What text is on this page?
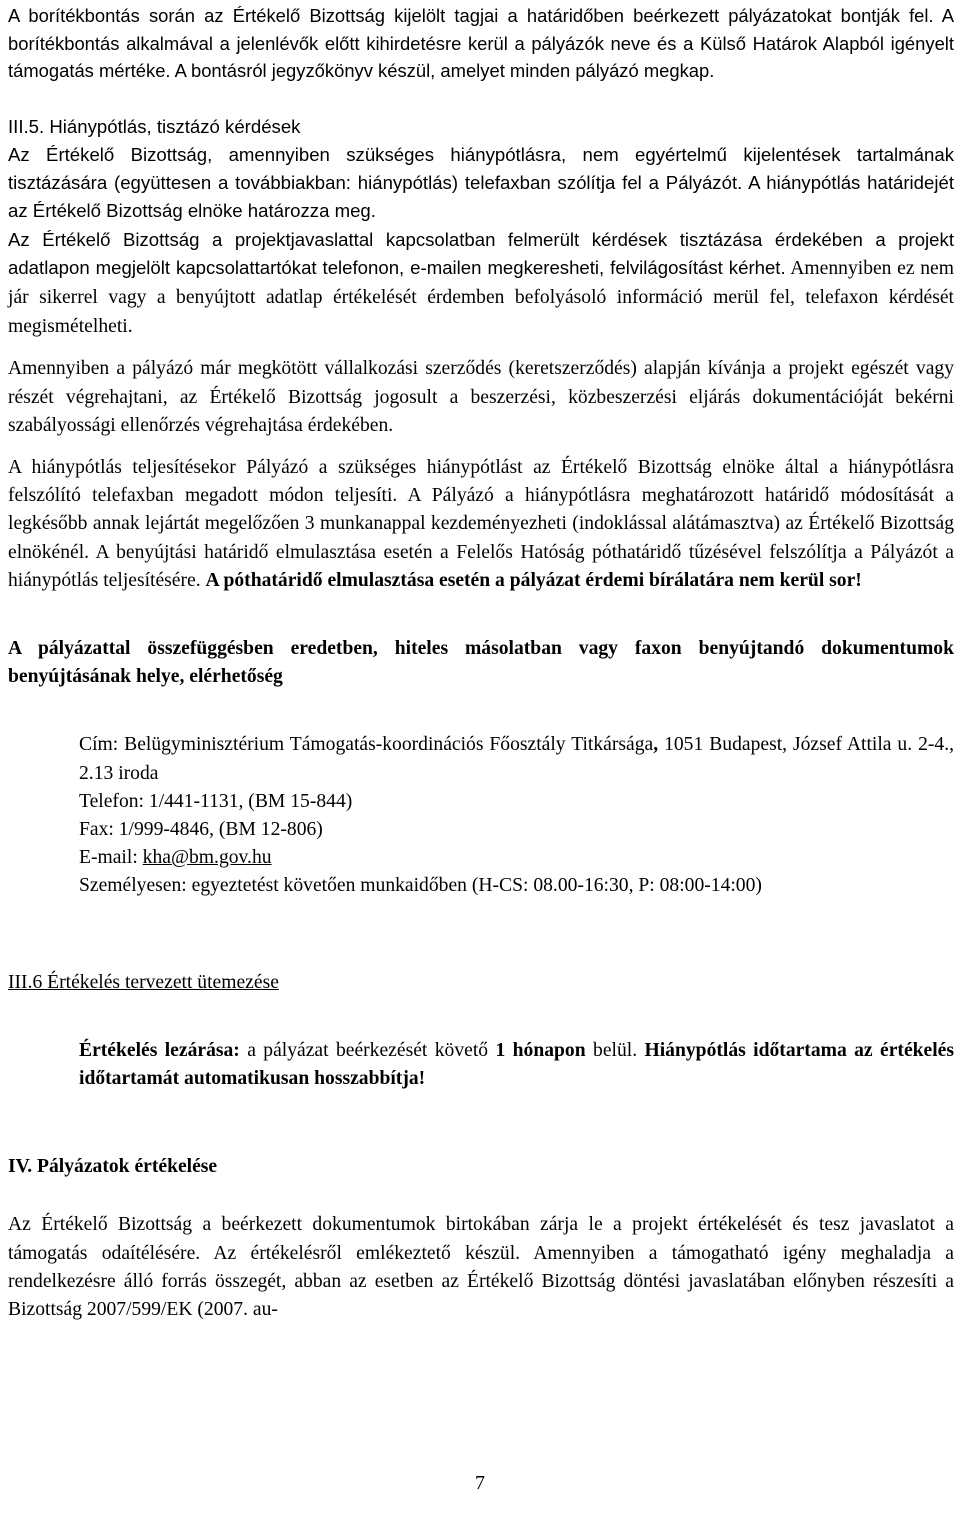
A borítékbontás során az Értékelő Bizottság kijelölt tagjai a határidőben beérkezett pályázatokat bontják fel. A borítékbontás alkalmával a jelenlévők előtt kihirdetésre kerül a pályázók neve és a Külső Határok Alapból igényelt támogatás mértéke. A bontásról jegyzőkönyv készül, amelyet minden pályázó megkap.

III.5. Hiánypótlás, tisztázó kérdések

Az Értékelő Bizottság, amennyiben szükséges hiánypótlásra, nem egyértelmű kijelentések tartalmának tisztázására (együttesen a továbbiakban: hiánypótlás) telefaxban szólítja fel a Pályázót. A hiánypótlás határidejét az Értékelő Bizottság elnöke határozza meg.

Az Értékelő Bizottság a projektjavaslattal kapcsolatban felmerült kérdések tisztázása érdekében a projekt adatlapon megjelölt kapcsolattartókat telefonon, e-mailen megkeresheti, felvilágosítást kérhet. Amennyiben ez nem jár sikerrel vagy a benyújtott adatlap értékelését érdemben befolyásoló információ merül fel, telefaxon kérdését megismételheti.

Amennyiben a pályázó már megkötött vállalkozási szerződés (keretszerződés) alapján kívánja a projekt egészét vagy részét végrehajtani, az Értékelő Bizottság jogosult a beszerzési, közbeszerzési eljárás dokumentációját bekérni szabályossági ellenőrzés végrehajtása érdekében.

A hiánypótlás teljesítésekor Pályázó a szükséges hiánypótlást az Értékelő Bizottság elnöke által a hiánypótlásra felszólító telefaxban megadott módon teljesíti. A Pályázó a hiánypótlásra meghatározott határidő módosítását a legkésőbb annak lejártát megelőzően 3 munkanappal kezdeményezheti (indoklással alátámasztva) az Értékelő Bizottság elnökénél. A benyújtási határidő elmulasztása esetén a Felelős Hatóság póthatáridő tűzésével felszólítja a Pályázót a hiánypótlás teljesítésére. A póthatáridő elmulasztása esetén a pályázat érdemi bírálatára nem kerül sor!

A pályázattal összefüggésben eredetben, hiteles másolatban vagy faxon benyújtandó dokumentumok benyújtásának helye, elérhetőség

Cím: Belügyminisztérium Támogatás-koordinációs Főosztály Titkársága, 1051 Budapest, József Attila u. 2-4., 2.13 iroda

Telefon: 1/441-1131, (BM 15-844)

Fax: 1/999-4846, (BM 12-806)

E-mail: kha@bm.gov.hu

Személyesen: egyeztetést követően munkaidőben (H-CS: 08.00-16:30, P: 08:00-14:00)

III.6 Értékelés tervezett ütemezése

Értékelés lezárása: a pályázat beérkezését követő 1 hónapon belül. Hiánypótlás időtartama az értékelés időtartamát automatikusan hosszabbítja!

IV. Pályázatok értékelése

Az Értékelő Bizottság a beérkezett dokumentumok birtokában zárja le a projekt értékelését és tesz javaslatot a támogatás odaítélésére. Az értékelésről emlékeztető készül. Amennyiben a támogatható igény meghaladja a rendelkezésre álló forrás összegét, abban az esetben az Értékelő Bizottság döntési javaslatában előnyben részesíti a Bizottság 2007/599/EK (2007. au-

7
